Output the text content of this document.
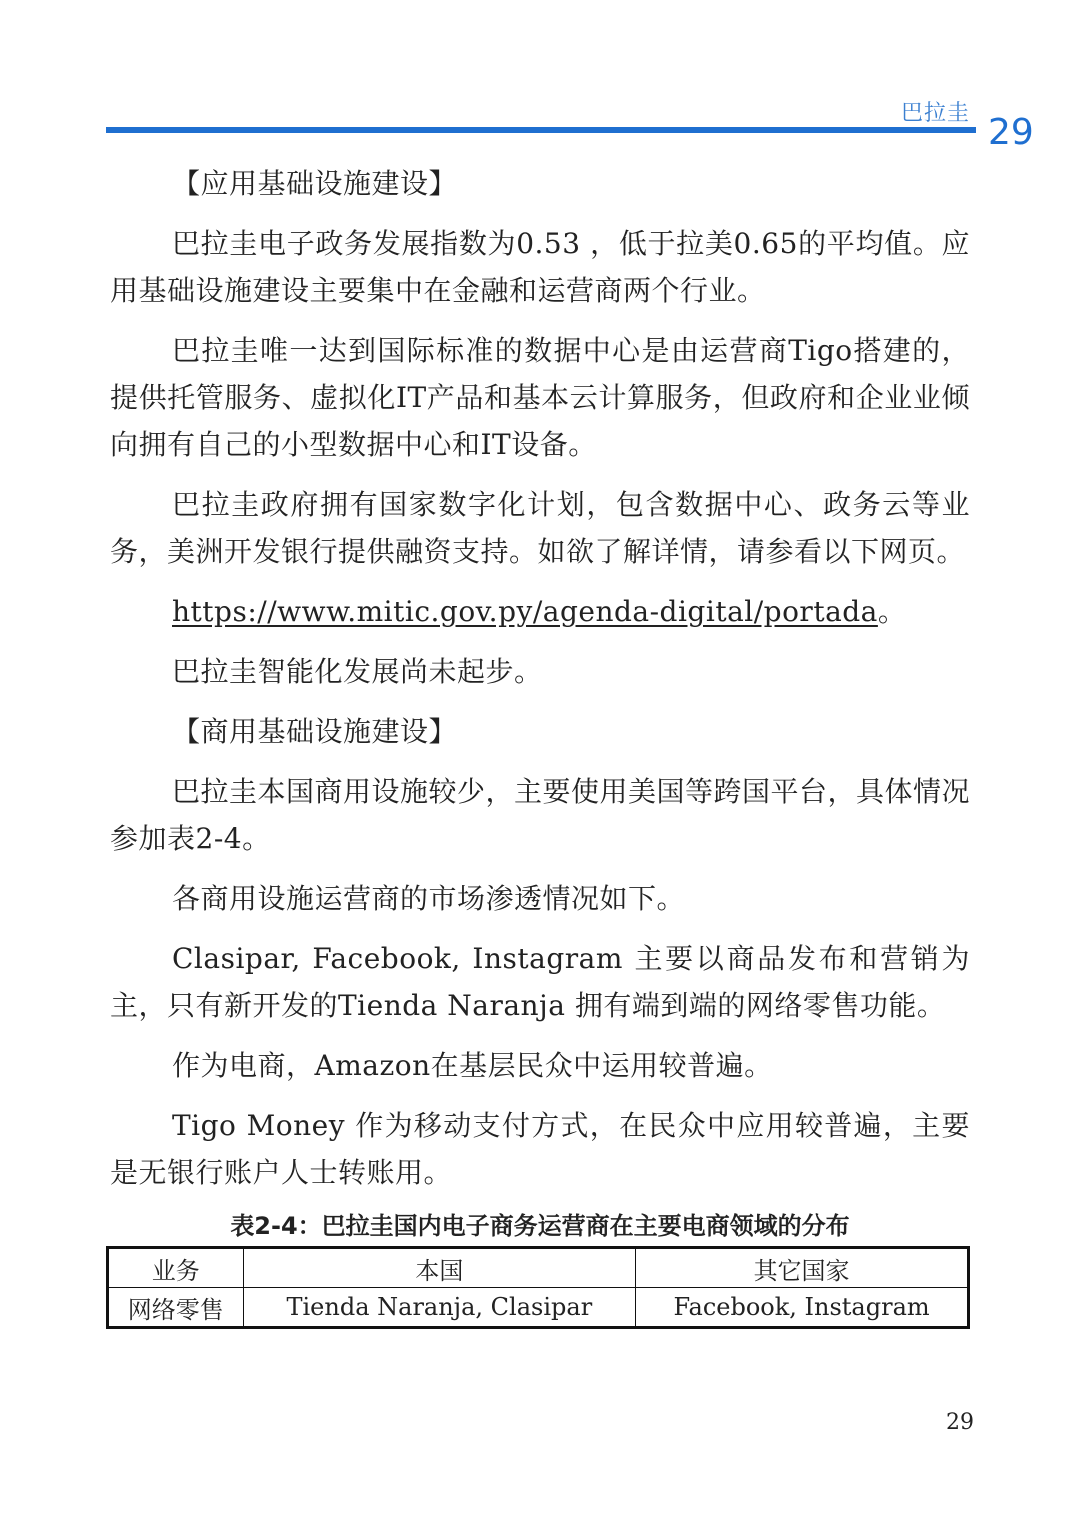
巴拉圭 29

【应用基础设施建设】

巴拉圭电子政务发展指数为0.53 ，低于拉美0.65的平均值。应用基础设施建设主要集中在金融和运营商两个行业。

巴拉圭唯一达到国际标准的数据中心是由运营商Tigo搭建的，提供托管服务、虚拟化IT产品和基本云计算服务，但政府和企业业倾向拥有自己的小型数据中心和IT设备。

巴拉圭政府拥有国家数字化计划，包含数据中心、政务云等业务，美洲开发银行提供融资支持。如欲了解详情，请参看以下网页。

https://www.mitic.gov.py/agenda-digital/portada。

巴拉圭智能化发展尚未起步。

【商用基础设施建设】

巴拉圭本国商用设施较少，主要使用美国等跨国平台，具体情况参加表2-4。

各商用设施运营商的市场渗透情况如下。

Clasipar, Facebook, Instagram 主要以商品发布和营销为主，只有新开发的Tienda Naranja 拥有端到端的网络零售功能。

作为电商，Amazon在基层民众中运用较普遍。

Tigo Money 作为移动支付方式，在民众中应用较普遍，主要是无银行账户人士转账用。

表2-4：巴拉圭国内电子商务运营商在主要电商领域的分布
业务	本国	其它国家
网络零售	Tienda Naranja, Clasipar	Facebook, Instagram
29
